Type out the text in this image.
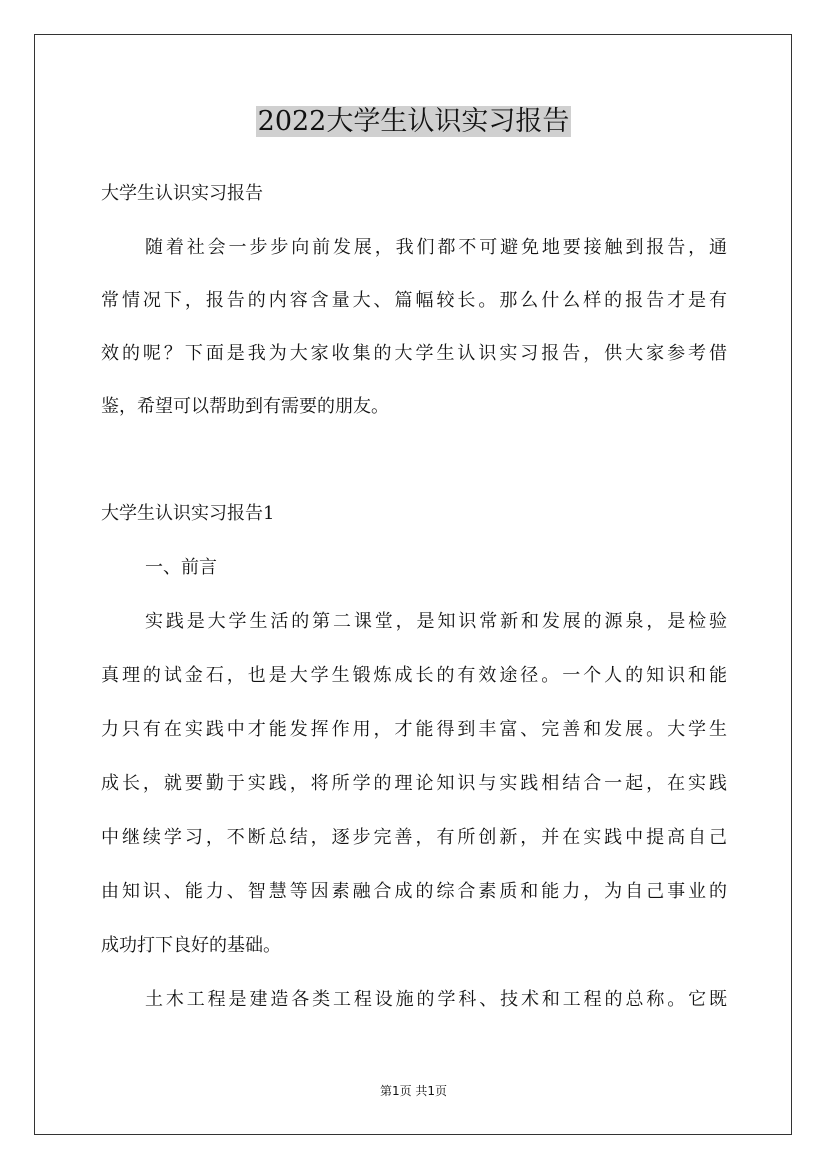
2022大学生认识实习报告
大学生认识实习报告
随着社会一步步向前发展，我们都不可避免地要接触到报告，通
常情况下，报告的内容含量大、篇幅较长。那么什么样的报告才是有
效的呢？下面是我为大家收集的大学生认识实习报告，供大家参考借
鉴，希望可以帮助到有需要的朋友。
大学生认识实习报告1
一、前言
实践是大学生活的第二课堂，是知识常新和发展的源泉，是检验
真理的试金石，也是大学生锻炼成长的有效途径。一个人的知识和能
力只有在实践中才能发挥作用，才能得到丰富、完善和发展。大学生
成长，就要勤于实践，将所学的理论知识与实践相结合一起，在实践
中继续学习，不断总结，逐步完善，有所创新，并在实践中提高自己
由知识、能力、智慧等因素融合成的综合素质和能力，为自己事业的
成功打下良好的基础。
土木工程是建造各类工程设施的学科、技术和工程的总称。它既
第1页 共1页
